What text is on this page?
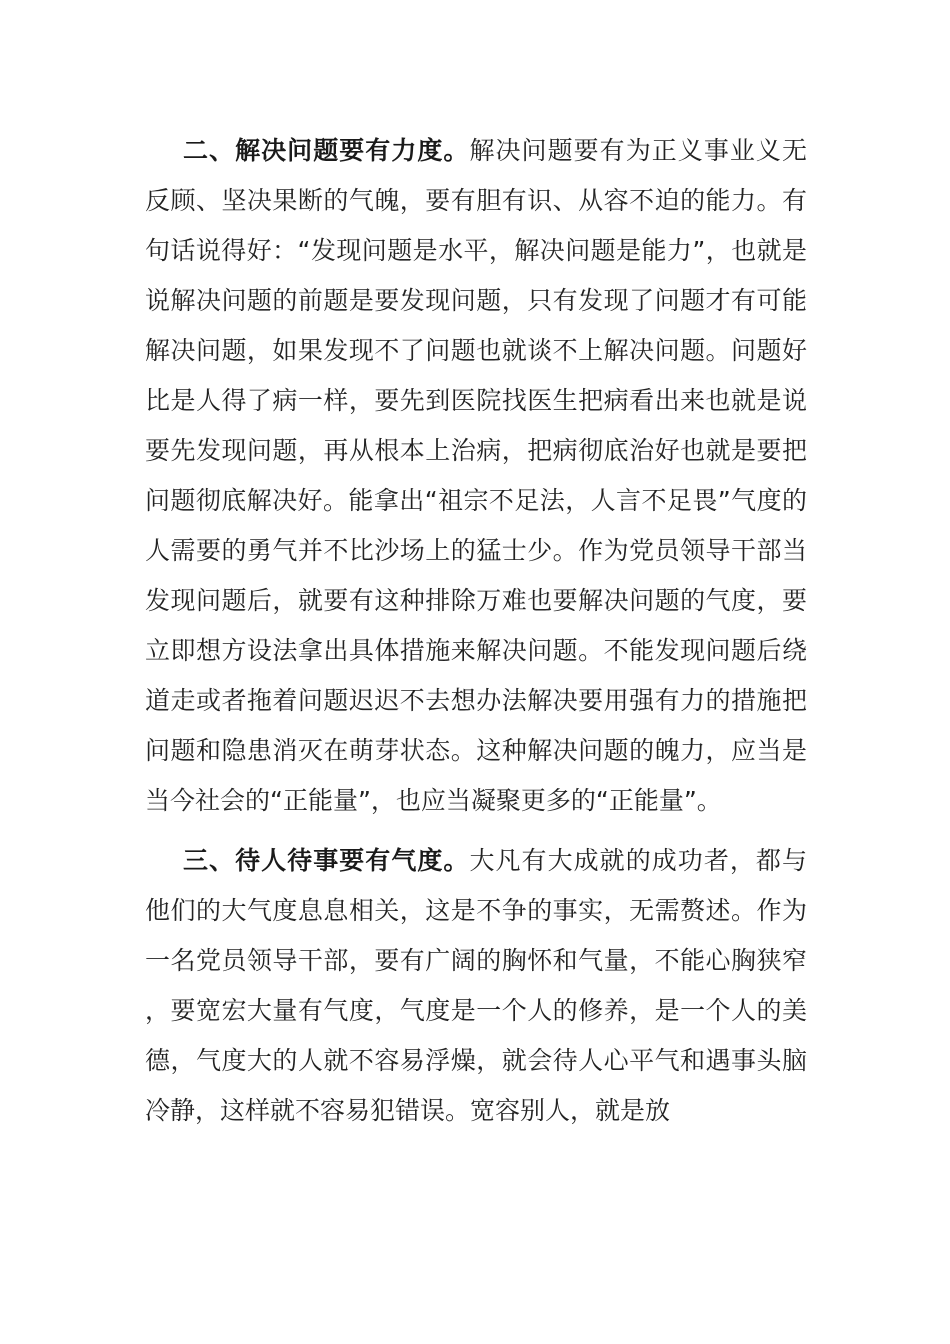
二、解决问题要有力度。解决问题要有为正义事业义无反顾、坚决果断的气魄，要有胆有识、从容不迫的能力。有句话说得好：“发现问题是水平，解决问题是能力”，也就是说解决问题的前题是要发现问题，只有发现了问题才有可能解决问题，如果发现不了问题也就谈不上解决问题。问题好比是人得了病一样，要先到医院找医生把病看出来也就是说要先发现问题，再从根本上治病，把病彻底治好也就是要把问题彻底解决好。能拿出“祖宗不足法，人言不足畏”气度的人需要的勇气并不比沙场上的猛士少。作为党员领导干部当发现问题后，就要有这种排除万难也要解决问题的气度，要立即想方设法拿出具体措施来解决问题。不能发现问题后绕道走或者拖着问题迟迟不去想办法解决要用强有力的措施把问题和隐患消灭在萌芽状态。这种解决问题的魄力，应当是当今社会的“正能量”，也应当凝聚更多的“正能量”。

三、待人待事要有气度。大凡有大成就的成功者，都与他们的大气度息息相关，这是不争的事实，无需赘述。作为一名党员领导干部，要有广阔的胸怀和气量，不能心胸狭窄，要宽宏大量有气度，气度是一个人的修养，是一个人的美德，气度大的人就不容易浮燥，就会待人心平气和遇事头脑冷静，这样就不容易犯错误。宽容别人，就是放
